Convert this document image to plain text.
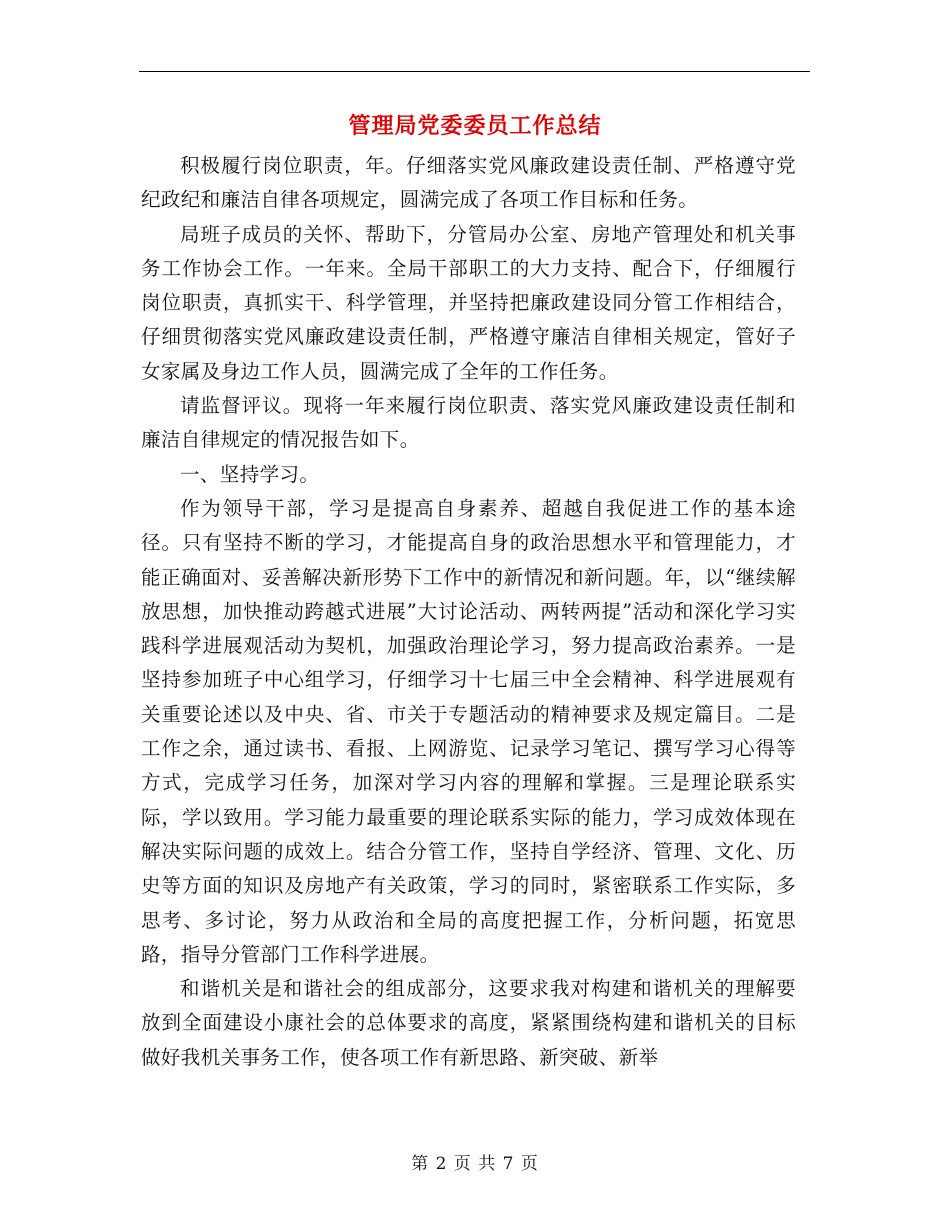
管理局党委委员工作总结

积极履行岗位职责，年。仔细落实党风廉政建设责任制、严格遵守党纪政纪和廉洁自律各项规定，圆满完成了各项工作目标和任务。

局班子成员的关怀、帮助下，分管局办公室、房地产管理处和机关事务工作协会工作。一年来。全局干部职工的大力支持、配合下，仔细履行岗位职责，真抓实干、科学管理，并坚持把廉政建设同分管工作相结合，仔细贯彻落实党风廉政建设责任制，严格遵守廉洁自律相关规定，管好子女家属及身边工作人员，圆满完成了全年的工作任务。

请监督评议。现将一年来履行岗位职责、落实党风廉政建设责任制和廉洁自律规定的情况报告如下。

一、坚持学习。

作为领导干部，学习是提高自身素养、超越自我促进工作的基本途径。只有坚持不断的学习，才能提高自身的政治思想水平和管理能力，才能正确面对、妥善解决新形势下工作中的新情况和新问题。年，以“继续解放思想，加快推动跨越式进展”大讨论活动、两转两提”活动和深化学习实践科学进展观活动为契机，加强政治理论学习，努力提高政治素养。一是坚持参加班子中心组学习，仔细学习十七届三中全会精神、科学进展观有关重要论述以及中央、省、市关于专题活动的精神要求及规定篇目。二是工作之余，通过读书、看报、上网游览、记录学习笔记、撰写学习心得等方式，完成学习任务，加深对学习内容的理解和掌握。三是理论联系实际，学以致用。学习能力最重要的理论联系实际的能力，学习成效体现在解决实际问题的成效上。结合分管工作，坚持自学经济、管理、文化、历史等方面的知识及房地产有关政策，学习的同时，紧密联系工作实际，多思考、多讨论，努力从政治和全局的高度把握工作，分析问题，拓宽思路，指导分管部门工作科学进展。

和谐机关是和谐社会的组成部分，这要求我对构建和谐机关的理解要放到全面建设小康社会的总体要求的高度，紧紧围绕构建和谐机关的目标做好我机关事务工作，使各项工作有新思路、新突破、新举

第 2 页 共 7 页
